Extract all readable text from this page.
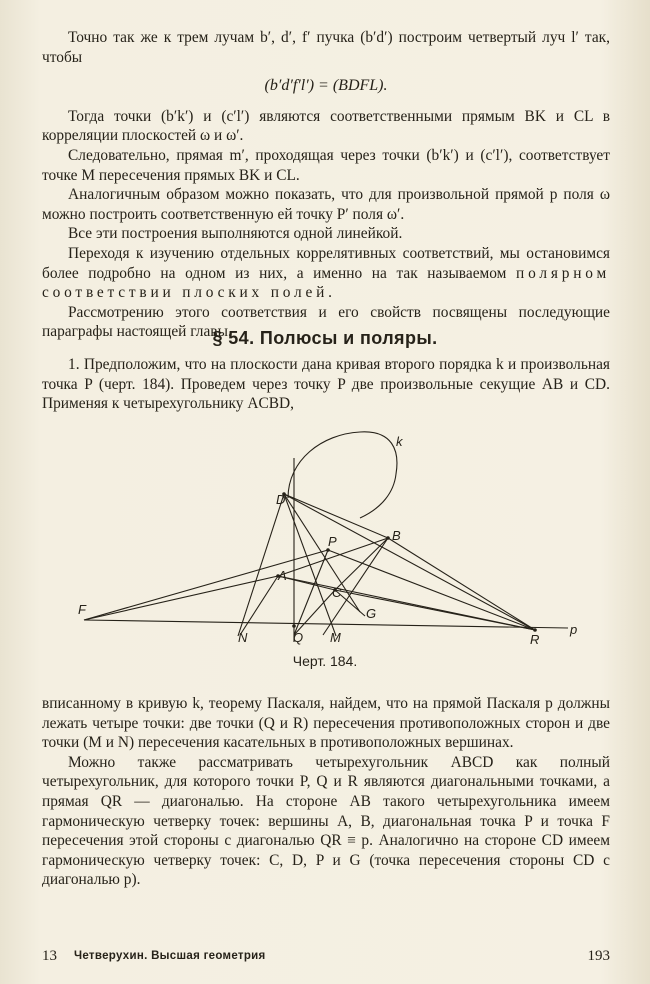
Точно так же к трем лучам b′, d′, f′ пучка (b′d′) построим четвертый луч l′ так, чтобы

(b′d′f′l′) = (BDFL).

Тогда точки (b′k′) и (c′l′) являются соответственными прямым BK и CL в корреляции плоскостей ω и ω′.

Следовательно, прямая m′, проходящая через точки (b′k′) и (c′l′), соответствует точке M пересечения прямых BK и CL.

Аналогичным образом можно показать, что для произвольной прямой p поля ω можно построить соответственную ей точку P′ поля ω′.

Все эти построения выполняются одной линейкой.

Переходя к изучению отдельных коррелятивных соответствий, мы остановимся более подробно на одном из них, а именно на так называемом полярном соответствии плоских полей.

Рассмотрению этого соответствия и его свойств посвящены последующие параграфы настоящей главы.

§ 54. Полюсы и поляры.

1. Предположим, что на плоскости дана кривая второго порядка k и произвольная точка P (черт. 184). Проведем через точку P две произвольные секущие AB и CD. Применяя к четырехугольнику ACBD,

k
D
P	B
A
C
G
F
N	Q M	R
p
Черт. 184.

вписанному в кривую k, теорему Паскаля, найдем, что на прямой Паскаля p должны лежать четыре точки: две точки (Q и R) пересечения противоположных сторон и две точки (M и N) пересечения касательных в противоположных вершинах.

Можно также рассматривать четырехугольник ABCD как полный четырехугольник, для которого точки P, Q и R являются диагональными точками, а прямая QR — диагональю. На стороне AB такого четырехугольника имеем гармоническую четверку точек: вершины A, B, диагональная точка P и точка F пересечения этой стороны с диагональю QR ≡ p. Аналогично на стороне CD имеем гармоническую четверку точек: C, D, P и G (точка пересечения стороны CD с диагональю p).

13 Четверухин. Высшая геометрия	193
